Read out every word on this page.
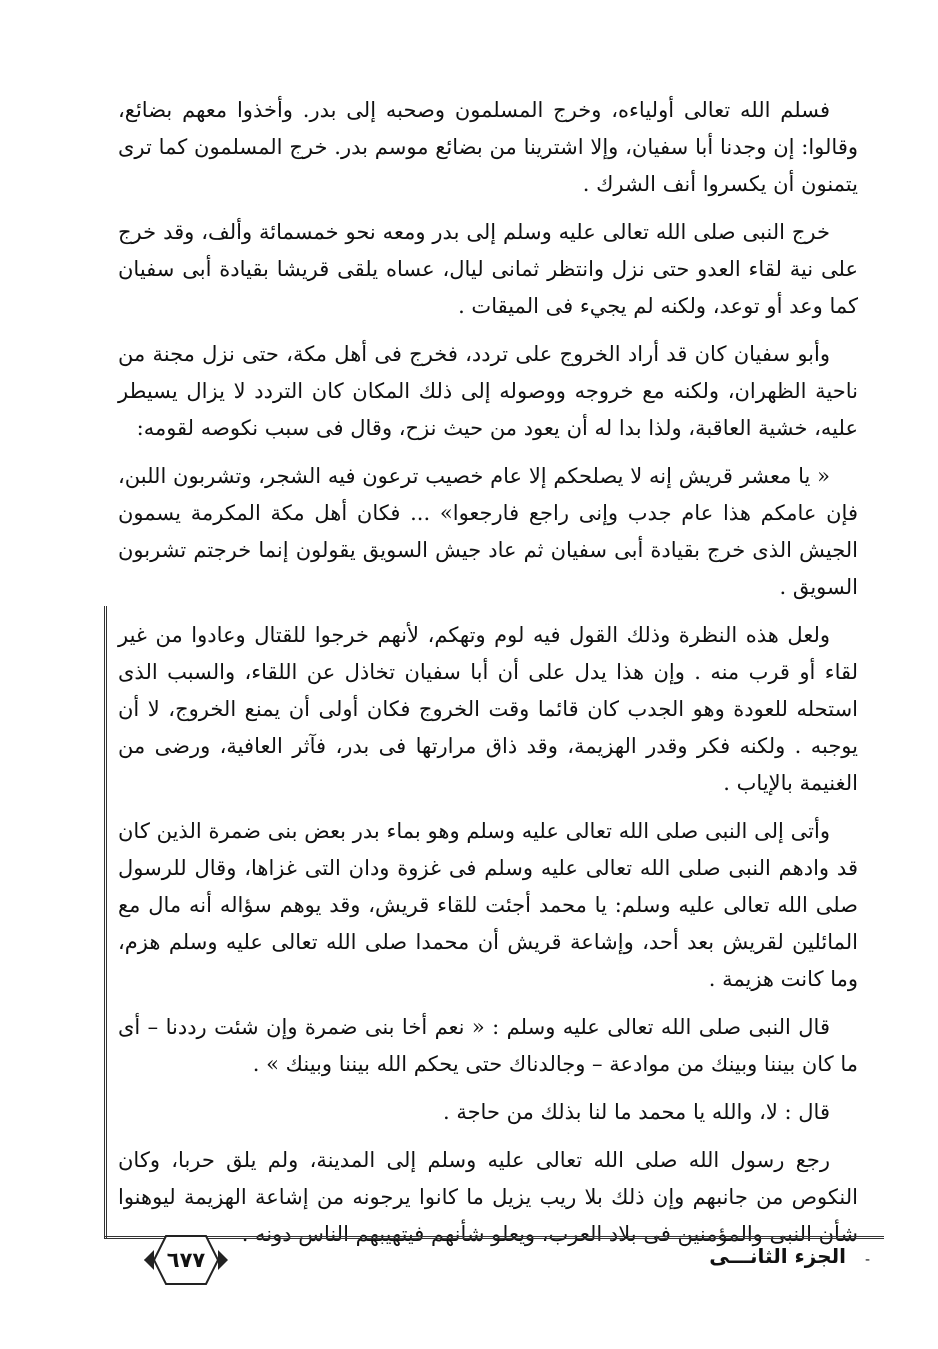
فسلم الله تعالى أولياءه، وخرج المسلمون وصحبه إلى بدر. وأخذوا معهم بضائع، وقالوا: إن وجدنا أبا سفيان، وإلا اشترينا من بضائع موسم بدر. خرج المسلمون كما ترى يتمنون أن يكسروا أنف الشرك .

خرج النبى صلى الله تعالى عليه وسلم إلى بدر ومعه نحو خمسمائة وألف، وقد خرج على نية لقاء العدو حتى نزل وانتظر ثمانى ليال، عساه يلقى قريشا بقيادة أبى سفيان كما وعد أو توعد، ولكنه لم يجيء فى الميقات .

وأبو سفيان كان قد أراد الخروج على تردد، فخرج فى أهل مكة، حتى نزل مجنة من ناحية الظهران، ولكنه مع خروجه ووصوله إلى ذلك المكان كان التردد لا يزال يسيطر عليه، خشية العاقبة، ولذا بدا له أن يعود من حيث نزح، وقال فى سبب نكوصه لقومه:

« يا معشر قريش إنه لا يصلحكم إلا عام خصيب ترعون فيه الشجر، وتشربون اللبن، فإن عامكم هذا عام جدب وإنى راجع فارجعوا» ... فكان أهل مكة المكرمة يسمون الجيش الذى خرج بقيادة أبى سفيان ثم عاد جيش السويق يقولون إنما خرجتم تشربون السويق .

ولعل هذه النظرة وذلك القول فيه لوم وتهكم، لأنهم خرجوا للقتال وعادوا من غير لقاء أو قرب منه . وإن هذا يدل على أن أبا سفيان تخاذل عن اللقاء، والسبب الذى استحله للعودة وهو الجدب كان قائما وقت الخروج فكان أولى أن يمنع الخروج، لا أن يوجبه . ولكنه فكر وقدر الهزيمة، وقد ذاق مرارتها فى بدر، فآثر العافية، ورضى من الغنيمة بالإياب .

وأتى إلى النبى صلى الله تعالى عليه وسلم وهو بماء بدر بعض بنى ضمرة الذين كان قد وادهم النبى صلى الله تعالى عليه وسلم فى غزوة ودان التى غزاها، وقال للرسول صلى الله تعالى عليه وسلم: يا محمد أجئت للقاء قريش، وقد يوهم سؤاله أنه مال مع المائلين لقريش بعد أحد، وإشاعة قريش أن محمدا صلى الله تعالى عليه وسلم هزم، وما كانت هزيمة .

قال النبى صلى الله تعالى عليه وسلم : « نعم أخا بنى ضمرة وإن شئت رددنا – أى ما كان بيننا وبينك من موادعة – وجالدناك حتى يحكم الله بيننا وبينك » .

قال : لا، والله يا محمد ما لنا بذلك من حاجة .

رجع رسول الله صلى الله تعالى عليه وسلم إلى المدينة، ولم يلق حربا، وكان النكوص من جانبهم وإن ذلك بلا ريب يزيل ما كانوا يرجونه من إشاعة الهزيمة ليوهنوا شأن النبى والمؤمنين فى بلاد العرب، ويعلو شأنهم فيتهيبهم الناس دونه .

الجزء الثانـــى -
٦٧٧
